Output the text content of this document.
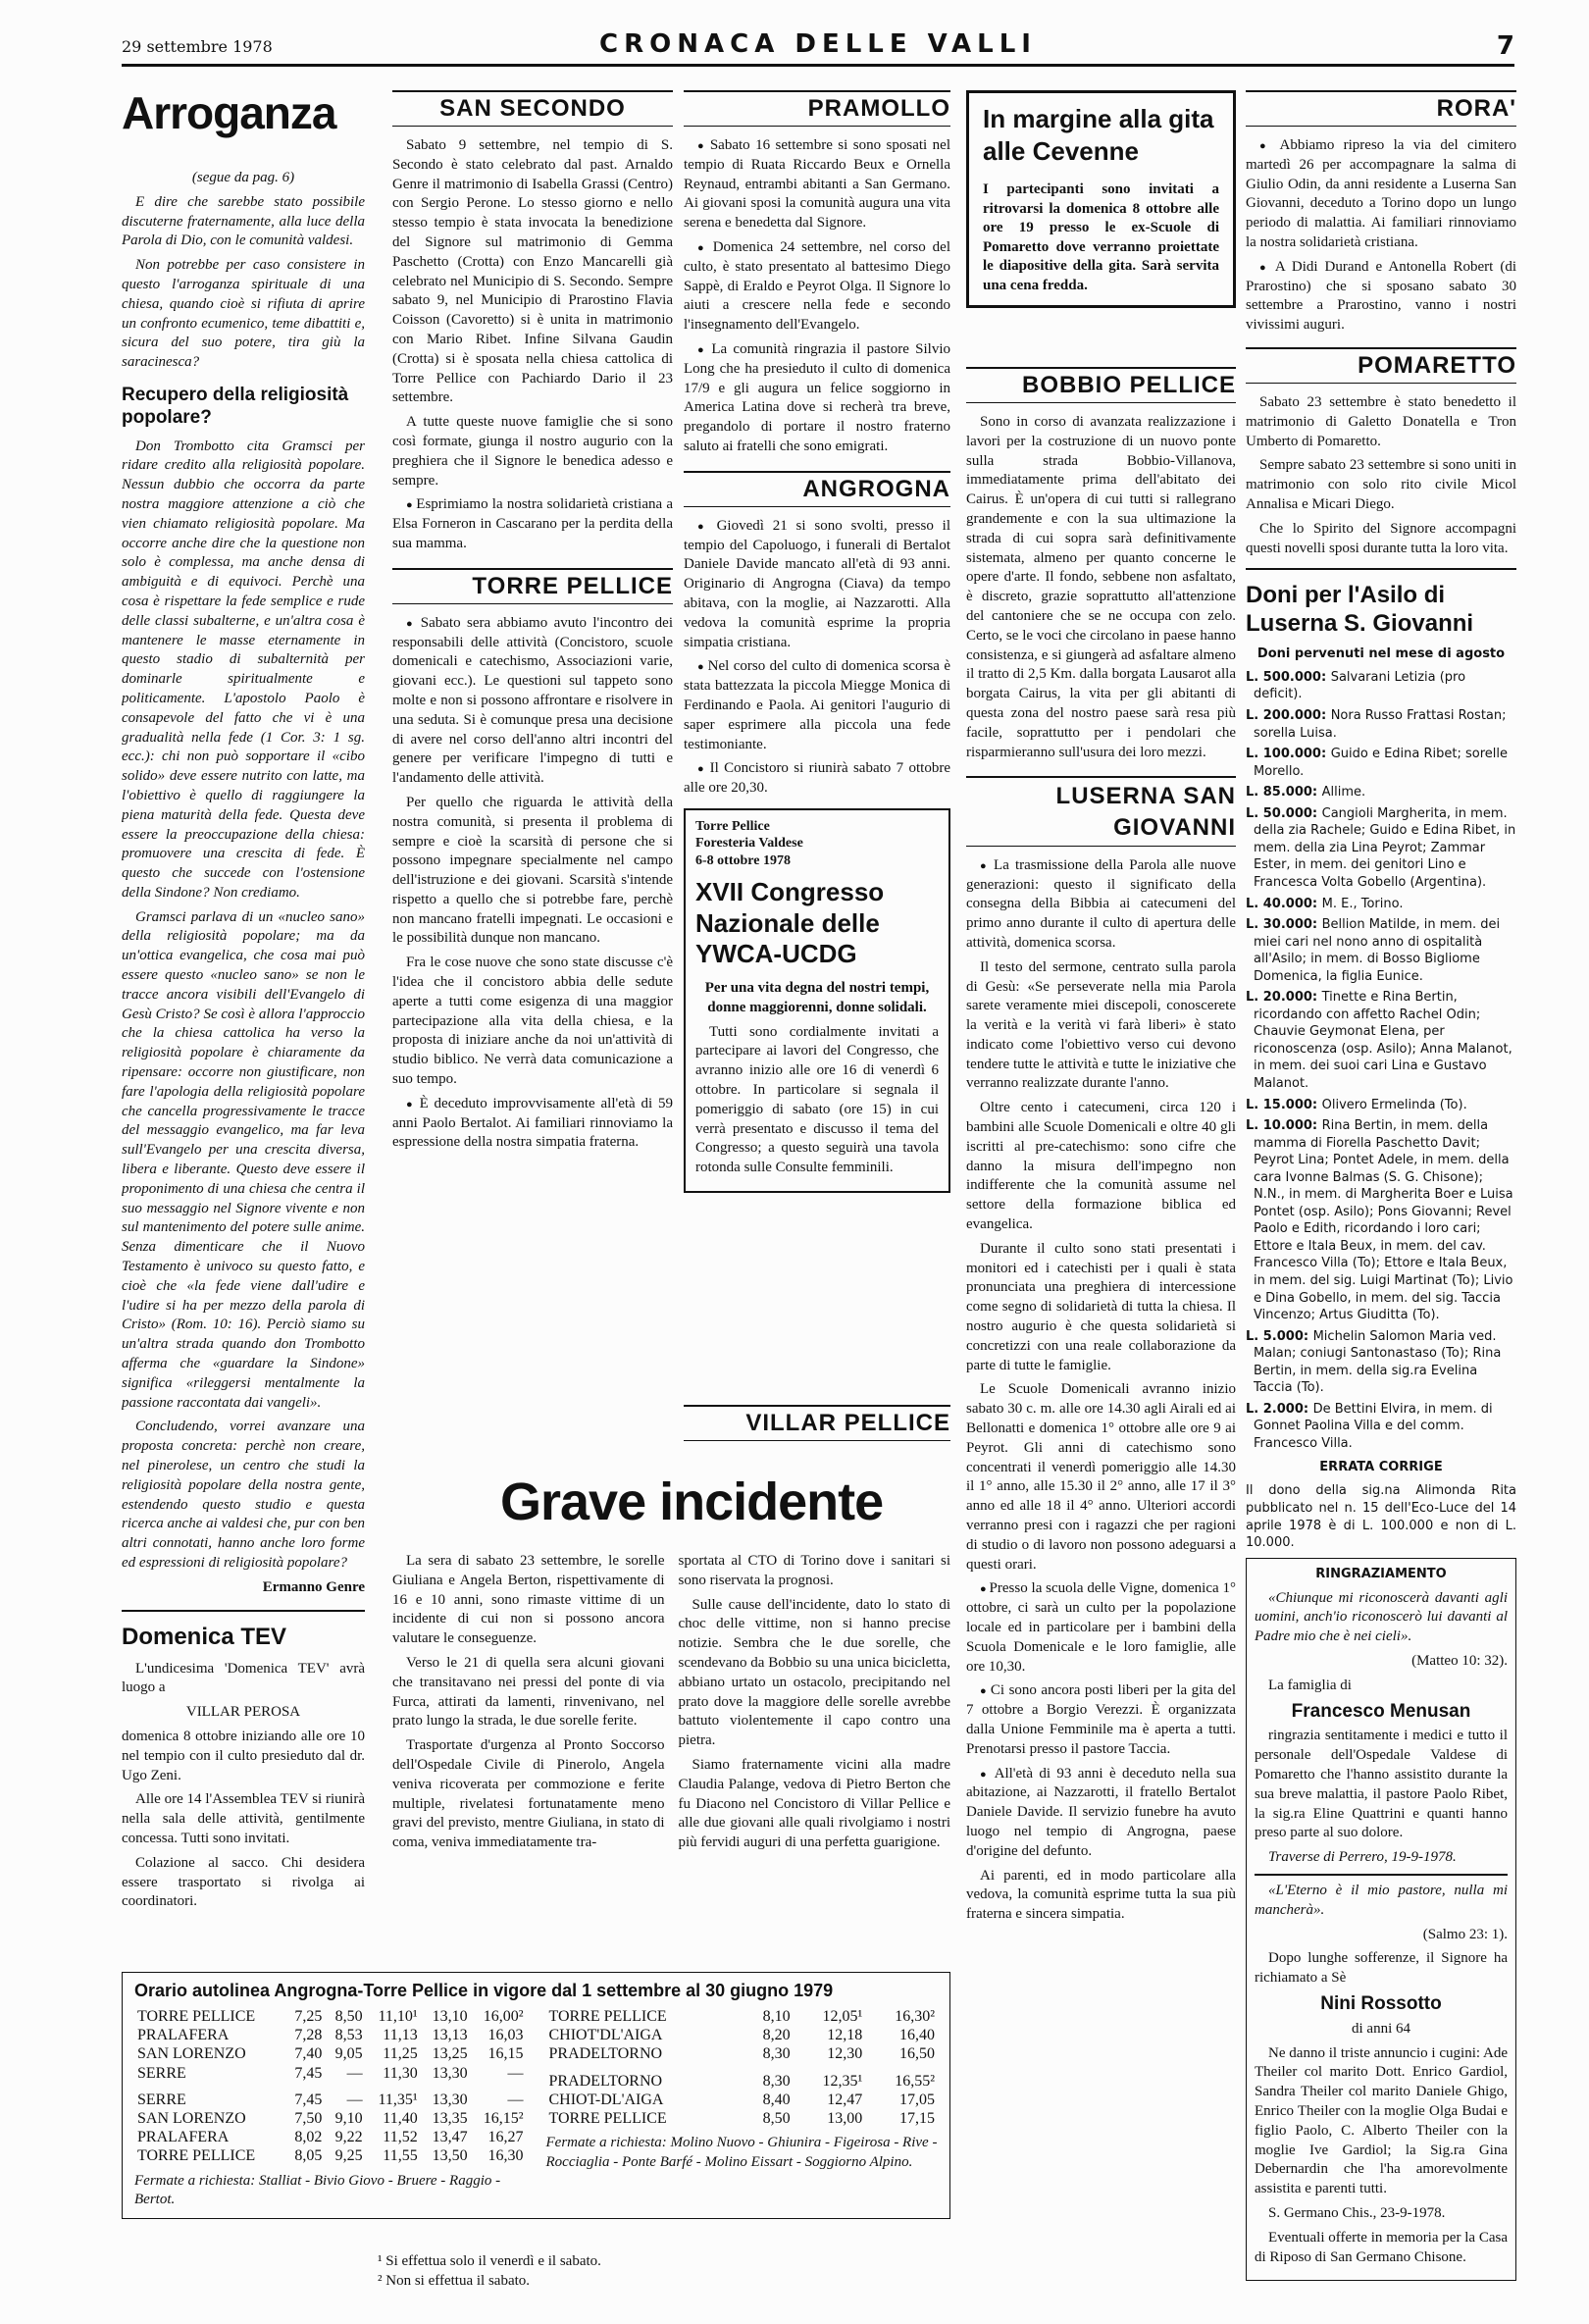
29 settembre 1978	CRONACA DELLE VALLI	7
Arroganza

(segue da pag. 6)

E dire che sarebbe stato possibile discuterne fraternamente, alla luce della Parola di Dio, con le comunità valdesi.

Non potrebbe per caso consistere in questo l'arroganza spirituale di una chiesa, quando cioè si rifiuta di aprire un confronto ecumenico, teme dibattiti e, sicura del suo potere, tira giù la saracinesca?

Recupero della religiosità popolare?

Don Trombotto cita Gramsci per ridare credito alla religiosità popolare. Nessun dubbio che occorra da parte nostra maggiore attenzione a ciò che vien chiamato religiosità popolare. Ma occorre anche dire che la questione non solo è complessa, ma anche densa di ambiguità e di equivoci. Perchè una cosa è rispettare la fede semplice e rude delle classi subalterne, e un'altra cosa è mantenere le masse eternamente in questo stadio di subalternità per dominarle spiritualmente e politicamente. L'apostolo Paolo è consapevole del fatto che vi è una gradualità nella fede (1 Cor. 3: 1 sg. ecc.): chi non può sopportare il «cibo solido» deve essere nutrito con latte, ma l'obiettivo è quello di raggiungere la piena maturità della fede. Questa deve essere la preoccupazione della chiesa: promuovere una crescita di fede. È questo che succede con l'ostensione della Sindone? Non crediamo.

Gramsci parlava di un «nucleo sano» della religiosità popolare; ma da un'ottica evangelica, che cosa mai può essere questo «nucleo sano» se non le tracce ancora visibili dell'Evangelo di Gesù Cristo? Se così è allora l'approccio che la chiesa cattolica ha verso la religiosità popolare è chiaramente da ripensare: occorre non giustificare, non fare l'apologia della religiosità popolare che cancella progressivamente le tracce del messaggio evangelico, ma far leva sull'Evangelo per una crescita diversa, libera e liberante. Questo deve essere il proponimento di una chiesa che centra il suo messaggio nel Signore vivente e non sul mantenimento del potere sulle anime. Senza dimenticare che il Nuovo Testamento è univoco su questo fatto, e cioè che «la fede viene dall'udire e l'udire si ha per mezzo della parola di Cristo» (Rom. 10: 16). Perciò siamo su un'altra strada quando don Trombotto afferma che «guardare la Sindone» significa «rileggersi mentalmente la passione raccontata dai vangeli».

Concludendo, vorrei avanzare una proposta concreta: perchè non creare, nel pinerolese, un centro che studi la religiosità popolare della nostra gente, estendendo questo studio e questa ricerca anche ai valdesi che, pur con ben altri connotati, hanno anche loro forme ed espressioni di religiosità popolare?

Ermanno Genre
Domenica TEV

L'undicesima 'Domenica TEV' avrà luogo a

VILLAR PEROSA

domenica 8 ottobre iniziando alle ore 10 nel tempio con il culto presieduto dal dr. Ugo Zeni.

Alle ore 14 l'Assemblea TEV si riunirà nella sala delle attività, gentilmente concessa. Tutti sono invitati.

Colazione al sacco. Chi desidera essere trasportato si rivolga ai coordinatori.

SAN SECONDO

Sabato 9 settembre, nel tempio di S. Secondo è stato celebrato dal past. Arnaldo Genre il matrimonio di Isabella Grassi (Centro) con Sergio Perone. Lo stesso giorno e nello stesso tempio è stata invocata la benedizione del Signore sul matrimonio di Gemma Paschetto (Crotta) con Enzo Mancarelli già celebrato nel Municipio di S. Secondo. Sempre sabato 9, nel Municipio di Prarostino Flavia Coisson (Cavoretto) si è unita in matrimonio con Mario Ribet. Infine Silvana Gaudin (Crotta) si è sposata nella chiesa cattolica di Torre Pellice con Pachiardo Dario il 23 settembre.

A tutte queste nuove famiglie che si sono così formate, giunga il nostro augurio con la preghiera che il Signore le benedica adesso e sempre.

● Esprimiamo la nostra solidarietà cristiana a Elsa Forneron in Cascarano per la perdita della sua mamma.

TORRE PELLICE

● Sabato sera abbiamo avuto l'incontro dei responsabili delle attività (Concistoro, scuole domenicali e catechismo, Associazioni varie, giovani ecc.). Le questioni sul tappeto sono molte e non si possono affrontare e risolvere in una seduta. Si è comunque presa una decisione di avere nel corso dell'anno altri incontri del genere per verificare l'impegno di tutti e l'andamento delle attività.

Per quello che riguarda le attività della nostra comunità, si presenta il problema di sempre e cioè la scarsità di persone che si possono impegnare specialmente nel campo dell'istruzione e dei giovani. Scarsità s'intende rispetto a quello che si potrebbe fare, perchè non mancano fratelli impegnati. Le occasioni e le possibilità dunque non mancano.

Fra le cose nuove che sono state discusse c'è l'idea che il concistoro abbia delle sedute aperte a tutti come esigenza di una maggior partecipazione alla vita della chiesa, e la proposta di iniziare anche da noi un'attività di studio biblico. Ne verrà data comunicazione a suo tempo.

● È deceduto improvvisamente all'età di 59 anni Paolo Bertalot. Ai familiari rinnoviamo la espressione della nostra simpatia fraterna.

PRAMOLLO

● Sabato 16 settembre si sono sposati nel tempio di Ruata Riccardo Beux e Ornella Reynaud, entrambi abitanti a San Germano. Ai giovani sposi la comunità augura una vita serena e benedetta dal Signore.

● Domenica 24 settembre, nel corso del culto, è stato presentato al battesimo Diego Sappè, di Eraldo e Peyrot Olga. Il Signore lo aiuti a crescere nella fede e secondo l'insegnamento dell'Evangelo.

● La comunità ringrazia il pastore Silvio Long che ha presieduto il culto di domenica 17/9 e gli augura un felice soggiorno in America Latina dove si recherà tra breve, pregandolo di portare il nostro fraterno saluto ai fratelli che sono emigrati.

ANGROGNA

● Giovedì 21 si sono svolti, presso il tempio del Capoluogo, i funerali di Bertalot Daniele Davide mancato all'età di 93 anni. Originario di Angrogna (Ciava) da tempo abitava, con la moglie, ai Nazzarotti. Alla vedova la comunità esprime la propria simpatia cristiana.

● Nel corso del culto di domenica scorsa è stata battezzata la piccola Miegge Monica di Ferdinando e Paola. Ai genitori l'augurio di saper esprimere alla piccola una fede testimoniante.

● Il Concistoro si riunirà sabato 7 ottobre alle ore 20,30.

Torre Pellice
Foresteria Valdese
6-8 ottobre 1978
XVII Congresso Nazionale delle YWCA-UCDG

Per una vita degna del nostri tempi, donne maggiorenni, donne solidali.

Tutti sono cordialmente invitati a partecipare ai lavori del Congresso, che avranno inizio alle ore 16 di venerdì 6 ottobre. In particolare si segnala il pomeriggio di sabato (ore 15) in cui verrà presentato e discusso il tema del Congresso; a questo seguirà una tavola rotonda sulle Consulte femminili.

VILLAR PELLICE
Grave incidente

La sera di sabato 23 settembre, le sorelle Giuliana e Angela Berton, rispettivamente di 16 e 10 anni, sono rimaste vittime di un incidente di cui non si possono ancora valutare le conseguenze.

Verso le 21 di quella sera alcuni giovani che transitavano nei pressi del ponte di via Furca, attirati da lamenti, rinvenivano, nel prato lungo la strada, le due sorelle ferite.

Trasportate d'urgenza al Pronto Soccorso dell'Ospedale Civile di Pinerolo, Angela veniva ricoverata per commozione e ferite multiple, rivelatesi fortunatamente meno gravi del previsto, mentre Giuliana, in stato di coma, veniva immediatamente tra-

sportata al CTO di Torino dove i sanitari si sono riservata la prognosi.

Sulle cause dell'incidente, dato lo stato di choc delle vittime, non si hanno precise notizie. Sembra che le due sorelle, che scendevano da Bobbio su una unica bicicletta, abbiano urtato un ostacolo, precipitando nel prato dove la maggiore delle sorelle avrebbe battuto violentemente il capo contro una pietra.

Siamo fraternamente vicini alla madre Claudia Palange, vedova di Pietro Berton che fu Diacono nel Concistoro di Villar Pellice e alle due giovani alle quali rivolgiamo i nostri più fervidi auguri di una perfetta guarigione.

In margine alla gita alle Cevenne
I partecipanti sono invitati a ritrovarsi la domenica 8 ottobre alle ore 19 presso le ex-Scuole di Pomaretto dove verranno proiettate le diapositive della gita. Sarà servita una cena fredda.
BOBBIO PELLICE

Sono in corso di avanzata realizzazione i lavori per la costruzione di un nuovo ponte sulla strada Bobbio-Villanova, immediatamente prima dell'abitato dei Cairus. È un'opera di cui tutti si rallegrano grandemente e con la sua ultimazione la strada di cui sopra sarà definitivamente sistemata, almeno per quanto concerne le opere d'arte. Il fondo, sebbene non asfaltato, è discreto, grazie soprattutto all'attenzione del cantoniere che se ne occupa con zelo. Certo, se le voci che circolano in paese hanno consistenza, e si giungerà ad asfaltare almeno il tratto di 2,5 Km. dalla borgata Lausarot alla borgata Cairus, la vita per gli abitanti di questa zona del nostro paese sarà resa più facile, soprattutto per i pendolari che risparmieranno sull'usura dei loro mezzi.

LUSERNA SAN GIOVANNI

● La trasmissione della Parola alle nuove generazioni: questo il significato della consegna della Bibbia ai catecumeni del primo anno durante il culto di apertura delle attività, domenica scorsa.

Il testo del sermone, centrato sulla parola di Gesù: «Se perseverate nella mia Parola sarete veramente miei discepoli, conoscerete la verità e la verità vi farà liberi» è stato indicato come l'obiettivo verso cui devono tendere tutte le attività e tutte le iniziative che verranno realizzate durante l'anno.

Oltre cento i catecumeni, circa 120 i bambini alle Scuole Domenicali e oltre 40 gli iscritti al pre-catechismo: sono cifre che danno la misura dell'impegno non indifferente che la comunità assume nel settore della formazione biblica ed evangelica.

Durante il culto sono stati presentati i monitori ed i catechisti per i quali è stata pronunciata una preghiera di intercessione come segno di solidarietà di tutta la chiesa. Il nostro augurio è che questa solidarietà si concretizzi con una reale collaborazione da parte di tutte le famiglie.

Le Scuole Domenicali avranno inizio sabato 30 c. m. alle ore 14.30 agli Airali ed ai Bellonatti e domenica 1° ottobre alle ore 9 ai Peyrot. Gli anni di catechismo sono concentrati il venerdì pomeriggio alle 14.30 il 1° anno, alle 15.30 il 2° anno, alle 17 il 3° anno ed alle 18 il 4° anno. Ulteriori accordi verranno presi con i ragazzi che per ragioni di studio o di lavoro non possono adeguarsi a questi orari.

● Presso la scuola delle Vigne, domenica 1° ottobre, ci sarà un culto per la popolazione locale ed in particolare per i bambini della Scuola Domenicale e le loro famiglie, alle ore 10,30.

● Ci sono ancora posti liberi per la gita del 7 ottobre a Borgio Verezzi. È organizzata dalla Unione Femminile ma è aperta a tutti. Prenotarsi presso il pastore Taccia.

● All'età di 93 anni è deceduto nella sua abitazione, ai Nazzarotti, il fratello Bertalot Daniele Davide. Il servizio funebre ha avuto luogo nel tempio di Angrogna, paese d'origine del defunto.

Ai parenti, ed in modo particolare alla vedova, la comunità esprime tutta la sua più fraterna e sincera simpatia.

RORA'

● Abbiamo ripreso la via del cimitero martedì 26 per accompagnare la salma di Giulio Odin, da anni residente a Luserna San Giovanni, deceduto a Torino dopo un lungo periodo di malattia. Ai familiari rinnoviamo la nostra solidarietà cristiana.

● A Didi Durand e Antonella Robert (di Prarostino) che si sposano sabato 30 settembre a Prarostino, vanno i nostri vivissimi auguri.

POMARETTO

Sabato 23 settembre è stato benedetto il matrimonio di Galetto Donatella e Tron Umberto di Pomaretto.

Sempre sabato 23 settembre si sono uniti in matrimonio con solo rito civile Micol Annalisa e Micari Diego.

Che lo Spirito del Signore accompagni questi novelli sposi durante tutta la loro vita.

Doni per l'Asilo di Luserna S. Giovanni
Doni pervenuti nel mese di agosto
L. 500.000: Salvarani Letizia (pro deficit).
L. 200.000: Nora Russo Frattasi Rostan; sorella Luisa.
L. 100.000: Guido e Edina Ribet; sorelle Morello.
L. 85.000: Allime.
L. 50.000: Cangioli Margherita, in mem. della zia Rachele; Guido e Edina Ribet, in mem. della zia Lina Peyrot; Zammar Ester, in mem. dei genitori Lino e Francesca Volta Gobello (Argentina).
L. 40.000: M. E., Torino.
L. 30.000: Bellion Matilde, in mem. dei miei cari nel nono anno di ospitalità all'Asilo; in mem. di Bosso Bigliome Domenica, la figlia Eunice.
L. 20.000: Tinette e Rina Bertin, ricordando con affetto Rachel Odin; Chauvie Geymonat Elena, per riconoscenza (osp. Asilo); Anna Malanot, in mem. dei suoi cari Lina e Gustavo Malanot.
L. 15.000: Olivero Ermelinda (To).
L. 10.000: Rina Bertin, in mem. della mamma di Fiorella Paschetto Davit; Peyrot Lina; Pontet Adele, in mem. della cara Ivonne Balmas (S. G. Chisone); N.N., in mem. di Margherita Boer e Luisa Pontet (osp. Asilo); Pons Giovanni; Revel Paolo e Edith, ricordando i loro cari; Ettore e Itala Beux, in mem. del cav. Francesco Villa (To); Ettore e Itala Beux, in mem. del sig. Luigi Martinat (To); Livio e Dina Gobello, in mem. del sig. Taccia Vincenzo; Artus Giuditta (To).
L. 5.000: Michelin Salomon Maria ved. Malan; coniugi Santonastaso (To); Rina Bertin, in mem. della sig.ra Evelina Taccia (To).
L. 2.000: De Bettini Elvira, in mem. di Gonnet Paolina Villa e del comm. Francesco Villa.
ERRATA CORRIGE
Il dono della sig.na Alimonda Rita pubblicato nel n. 15 dell'Eco-Luce del 14 aprile 1978 è di L. 100.000 e non di L. 10.000.
RINGRAZIAMENTO

«Chiunque mi riconoscerà davanti agli uomini, anch'io riconoscerò lui davanti al Padre mio che è nei cieli».

(Matteo 10: 32).

La famiglia di

Francesco Menusan

ringrazia sentitamente i medici e tutto il personale dell'Ospedale Valdese di Pomaretto che l'hanno assistito durante la sua breve malattia, il pastore Paolo Ribet, la sig.ra Eline Quattrini e quanti hanno preso parte al suo dolore.

Traverse di Perrero, 19-9-1978.

«L'Eterno è il mio pastore, nulla mi mancherà».

(Salmo 23: 1).

Dopo lunghe sofferenze, il Signore ha richiamato a Sè

Nini Rossotto

di anni 64

Ne danno il triste annuncio i cugini: Ade Theiler col marito Dott. Enrico Gardiol, Sandra Theiler col marito Daniele Ghigo, Enrico Theiler con la moglie Olga Budai e figlio Paolo, C. Alberto Theiler con la moglie Ive Gardiol; la Sig.ra Gina Debernardin che l'ha amorevolmente assistita e parenti tutti.

S. Germano Chis., 23-9-1978.

Eventuali offerte in memoria per la Casa di Riposo di San Germano Chisone.

Orario autolinea Angrogna-Torre Pellice in vigore dal 1 settembre al 30 giugno 1979
TORRE PELLICE	7,25	8,50	11,10¹	13,10	16,00²
PRALAFERA	7,28	8,53	11,13	13,13	16,03
SAN LORENZO	7,40	9,05	11,25	13,25	16,15
SERRE	7,45	—	11,30	13,30	—

SERRE	7,45	—	11,35¹	13,30	—
SAN LORENZO	7,50	9,10	11,40	13,35	16,15²
PRALAFERA	8,02	9,22	11,52	13,47	16,27
TORRE PELLICE	8,05	9,25	11,55	13,50	16,30
Fermate a richiesta: Stalliat - Bivio Giovo - Bruere - Raggio - Bertot.
TORRE PELLICE	8,10	12,05¹	16,30²
CHIOT'DL'AIGA	8,20	12,18	16,40
PRADELTORNO	8,30	12,30	16,50

PRADELTORNO	8,30	12,35¹	16,55²
CHIOT-DL'AIGA	8,40	12,47	17,05
TORRE PELLICE	8,50	13,00	17,15
Fermate a richiesta: Molino Nuovo - Ghiunira - Figeirosa - Rive - Rocciaglia - Ponte Barfé - Molino Eissart - Soggiorno Alpino.
¹ Si effettua solo il venerdì e il sabato.
² Non si effettua il sabato.
